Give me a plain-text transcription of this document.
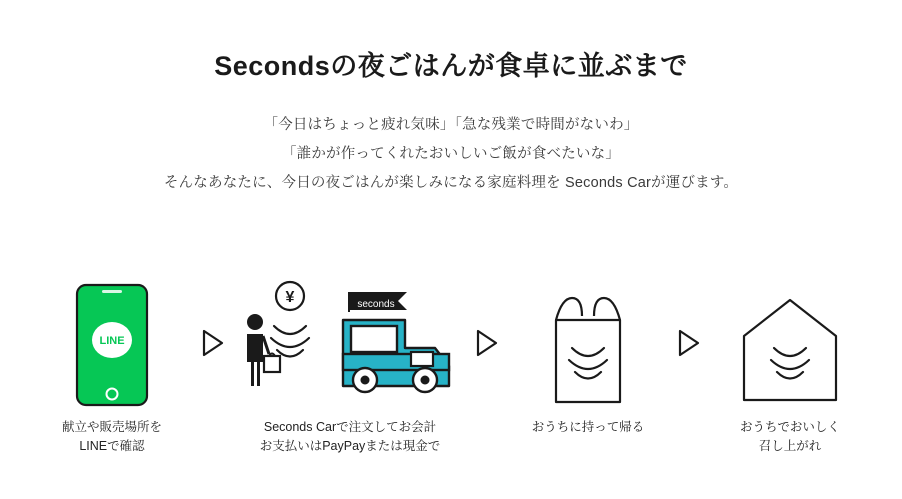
Secondsの夜ごはんが食卓に並ぶまで
「今日はちょっと疲れ気味」「急な残業で時間がないわ」
「誰かが作ってくれたおいしいご飯が食べたいな」
そんなあなたに、今日の夜ごはんが楽しみになる家庭料理を Seconds Carが運びます。
LINE
献立や販売場所を
LINEで確認
¥	seconds
Seconds Carで注文してお会計
お支払いはPayPayまたは現金で
おうちに持って帰る	おうちでおいしく
召し上がれ
